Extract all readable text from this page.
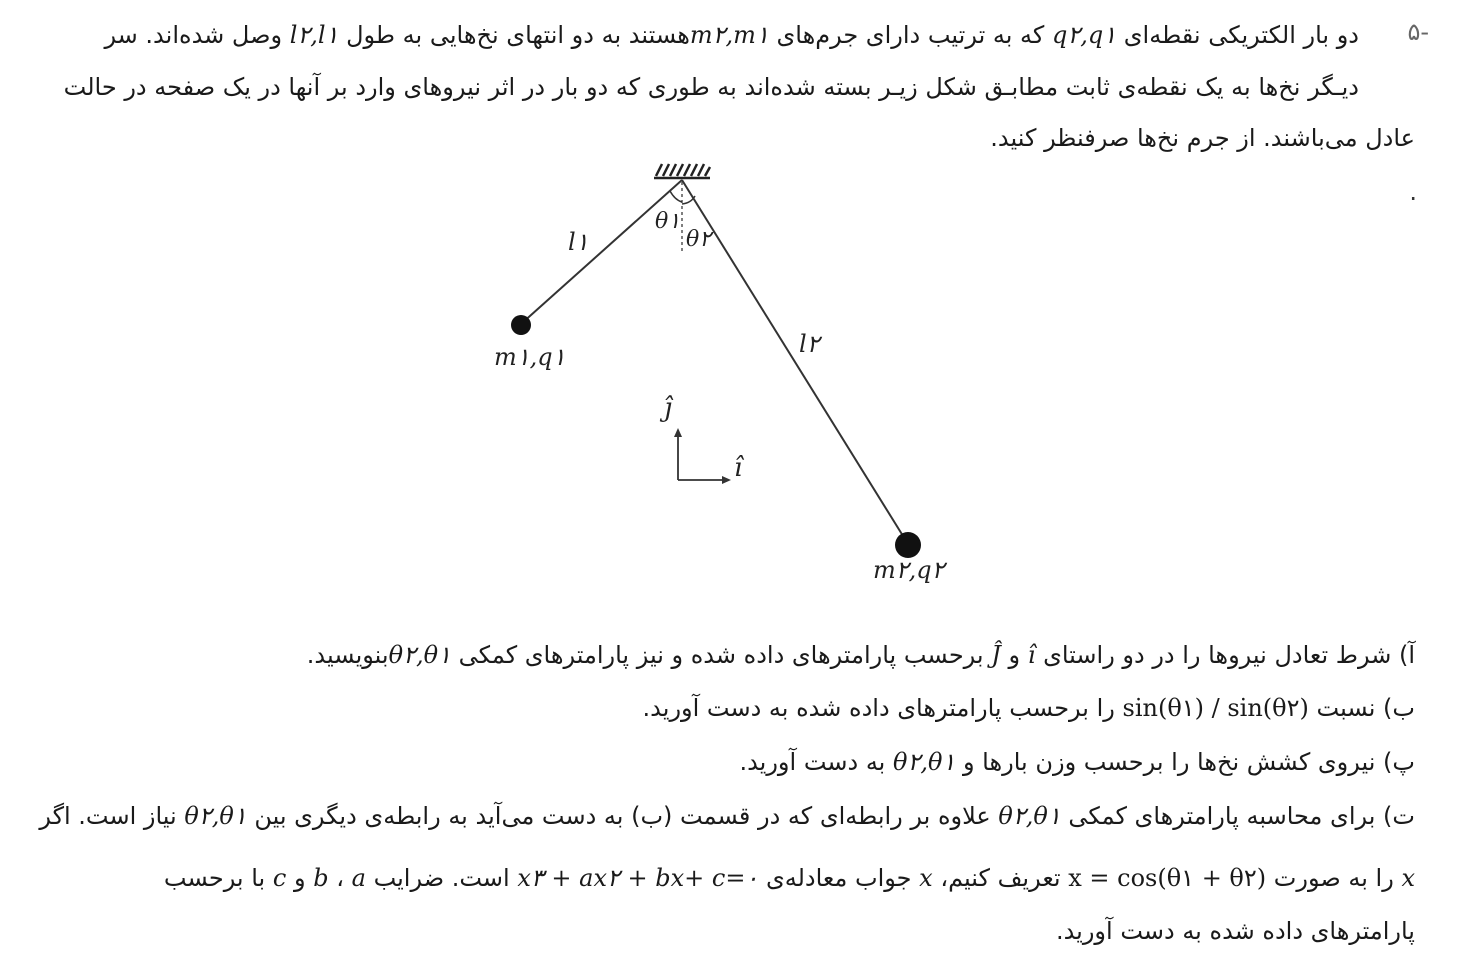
-۵
دو بار الکتریکی نقطه‌ای q۲,q۱ که به ترتیب دارای جرم‌های m۲,m۱هستند به دو انتهای نخ‌هایی به طول l۲,l۱ وصل شده‌اند. سر
دیـگر نخ‌ها به یک نقطه‌ی ثابت مطابـق شکل زیـر بسته شده‌اند به طوری که دو بار در اثر نیروهای وارد بر آنها در یک صفحه در حالت
عادل می‌باشند. از جرم نخ‌ها صرفنظر کنید.
.
θ۱
θ۲
l۱
l۲
m۱,q۱
m۲,q۲
ĵ
î
آ) شرط تعادل نیروها را در دو راستای î و Ĵ برحسب پارامترهای داده شده و نیز پارامترهای کمکی θ۲,θ۱بنویسید.
ب) نسبت sin(θ۱) / sin(θ۲) را برحسب پارامترهای داده شده به دست آورید.
پ) نیروی کشش نخ‌ها را برحسب وزن بارها و θ۲,θ۱ به دست آورید.
ت) برای محاسبه پارامترهای کمکی θ۲,θ۱ علاوه بر رابطه‌ای که در قسمت (ب) به دست می‌آید به رابطه‌ی دیگری بین θ۲,θ۱ نیاز است. اگر
x را به صورت x = cos(θ۱ + θ۲) تعریف کنیم، x جواب معادله‌ی x۳ + ax۲ + bx+ c=۰ است. ضرایب a ، b و c با برحسب
پارامترهای داده شده به دست آورید.
